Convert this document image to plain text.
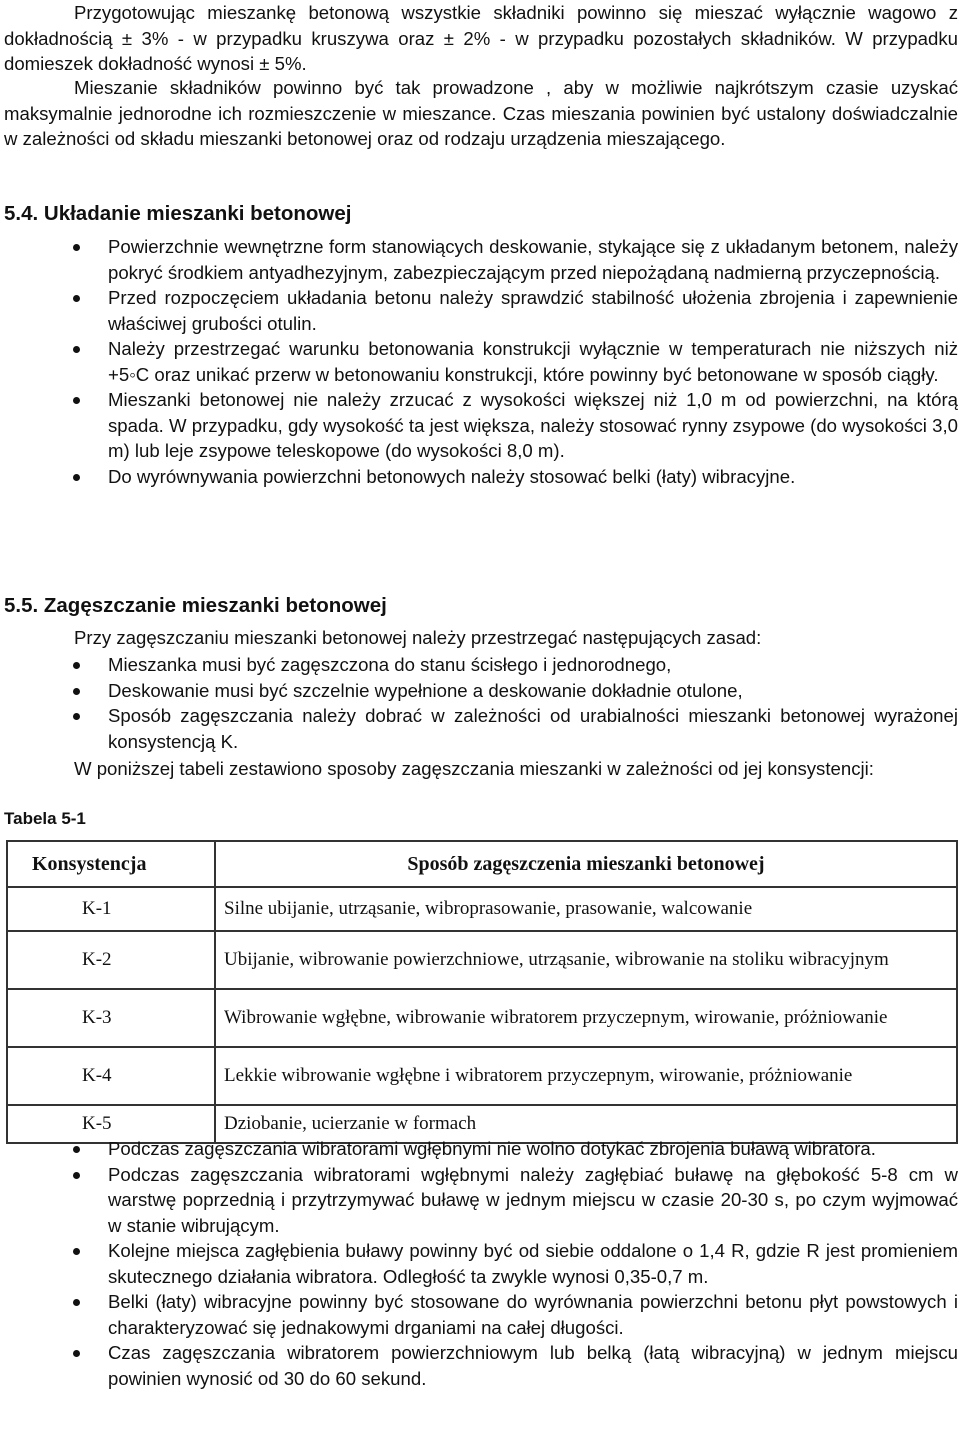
Przygotowując mieszankę betonową wszystkie składniki powinno się mieszać wyłącznie wagowo z dokładnością ± 3% - w przypadku kruszywa oraz ± 2% - w przypadku pozostałych składników. W przypadku domieszek dokładność wynosi ± 5%.

Mieszanie składników powinno być tak prowadzone , aby w możliwie najkrótszym czasie uzyskać maksymalnie jednorodne ich rozmieszczenie w mieszance. Czas mieszania powinien być ustalony doświadczalnie w zależności od składu mieszanki betonowej oraz od rodzaju urządzenia mieszającego.

5.4. Układanie mieszanki betonowej
Powierzchnie wewnętrzne form stanowiących deskowanie, stykające się z układanym betonem, należy pokryć środkiem antyadhezyjnym, zabezpieczającym przed niepożądaną nadmierną przyczepnością.
Przed rozpoczęciem układania betonu należy sprawdzić stabilność ułożenia zbrojenia i zapewnienie właściwej grubości otulin.
Należy przestrzegać warunku betonowania konstrukcji wyłącznie w temperaturach nie niższych niż +5◦C oraz unikać przerw w betonowaniu konstrukcji, które powinny być betonowane w sposób ciągły.
Mieszanki betonowej nie należy zrzucać z wysokości większej niż 1,0 m od powierzchni, na którą spada. W przypadku, gdy wysokość ta jest większa, należy stosować rynny zsypowe (do wysokości 3,0 m) lub leje zsypowe teleskopowe (do wysokości 8,0 m).
Do wyrównywania powierzchni betonowych należy stosować belki (łaty) wibracyjne.
5.5. Zagęszczanie mieszanki betonowej

Przy zagęszczaniu mieszanki betonowej należy przestrzegać następujących zasad:

Mieszanka musi być zagęszczona do stanu ścisłego i jednorodnego,
Deskowanie musi być szczelnie wypełnione a deskowanie dokładnie otulone,
Sposób zagęszczania należy dobrać w zależności od urabialności mieszanki betonowej wyrażonej konsystencją K.

W poniższej tabeli zestawiono sposoby zagęszczania mieszanki w zależności od jej konsystencji:

Tabela 5-1

Konsystencja	Sposób zagęszczenia mieszanki betonowej
K-1	Silne ubijanie, utrząsanie, wibroprasowanie, prasowanie, walcowanie
K-2	Ubijanie, wibrowanie powierzchniowe, utrząsanie, wibrowanie na stoliku wibracyjnym
K-3	Wibrowanie wgłębne, wibrowanie wibratorem przyczepnym, wirowanie, próżniowanie
K-4	Lekkie wibrowanie wgłębne i wibratorem przyczepnym, wirowanie, próżniowanie
K-5	Dziobanie, ucierzanie w formach
Podczas zagęszczania wibratorami wgłębnymi nie wolno dotykać zbrojenia buławą wibratora.
Podczas zagęszczania wibratorami wgłębnymi należy zagłębiać buławę na głębokość 5-8 cm w warstwę poprzednią i przytrzymywać buławę w jednym miejscu w czasie 20-30 s, po czym wyjmować w stanie wibrującym.
Kolejne miejsca zagłębienia buławy powinny być od siebie oddalone o 1,4 R, gdzie R jest promieniem skutecznego działania wibratora. Odległość ta zwykle wynosi 0,35-0,7 m.
Belki (łaty) wibracyjne powinny być stosowane do wyrównania powierzchni betonu płyt powstowych i charakteryzować się jednakowymi drganiami na całej długości.
Czas zagęszczania wibratorem powierzchniowym lub belką (łatą wibracyjną) w jednym miejscu powinien wynosić od 30 do 60 sekund.
